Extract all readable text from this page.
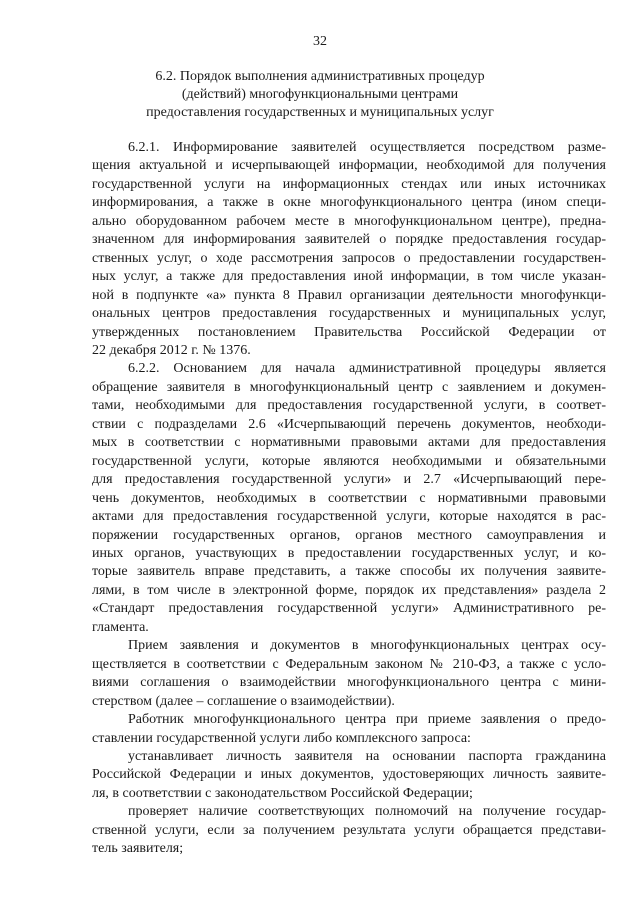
32
6.2. Порядок выполнения административных процедур
(действий) многофункциональными центрами
предоставления государственных и муниципальных услуг
6.2.1. Информирование заявителей осуществляется посредством разме-
щения актуальной и исчерпывающей информации, необходимой для получения
государственной услуги на информационных стендах или иных источниках
информирования, а также в окне многофункционального центра (ином специ-
ально оборудованном рабочем месте в многофункциональном центре), предна-
значенном для информирования заявителей о порядке предоставления государ-
ственных услуг, о ходе рассмотрения запросов о предоставлении государствен-
ных услуг, а также для предоставления иной информации, в том числе указан-
ной в подпункте «а» пункта 8 Правил организации деятельности многофункци-
ональных центров предоставления государственных и муниципальных услуг,
утвержденных постановлением Правительства Российской Федерации от
22 декабря 2012 г. № 1376.
6.2.2. Основанием для начала административной процедуры является
обращение заявителя в многофункциональный центр с заявлением и докумен-
тами, необходимыми для предоставления государственной услуги, в соответ-
ствии с подразделами 2.6 «Исчерпывающий перечень документов, необходи-
мых в соответствии с нормативными правовыми актами для предоставления
государственной услуги, которые являются необходимыми и обязательными
для предоставления государственной услуги» и 2.7 «Исчерпывающий пере-
чень документов, необходимых в соответствии с нормативными правовыми
актами для предоставления государственной услуги, которые находятся в рас-
поряжении государственных органов, органов местного самоуправления и
иных органов, участвующих в предоставлении государственных услуг, и ко-
торые заявитель вправе представить, а также способы их получения заявите-
лями, в том числе в электронной форме, порядок их представления» раздела 2
«Стандарт предоставления государственной услуги» Административного ре-
гламента.
Прием заявления и документов в многофункциональных центрах осу-
ществляется в соответствии с Федеральным законом № 210-ФЗ, а также с усло-
виями соглашения о взаимодействии многофункционального центра с мини-
стерством (далее – соглашение о взаимодействии).
Работник многофункционального центра при приеме заявления о предо-
ставлении государственной услуги либо комплексного запроса:
устанавливает личность заявителя на основании паспорта гражданина
Российской Федерации и иных документов, удостоверяющих личность заявите-
ля, в соответствии с законодательством Российской Федерации;
проверяет наличие соответствующих полномочий на получение государ-
ственной услуги, если за получением результата услуги обращается представи-
тель заявителя;
